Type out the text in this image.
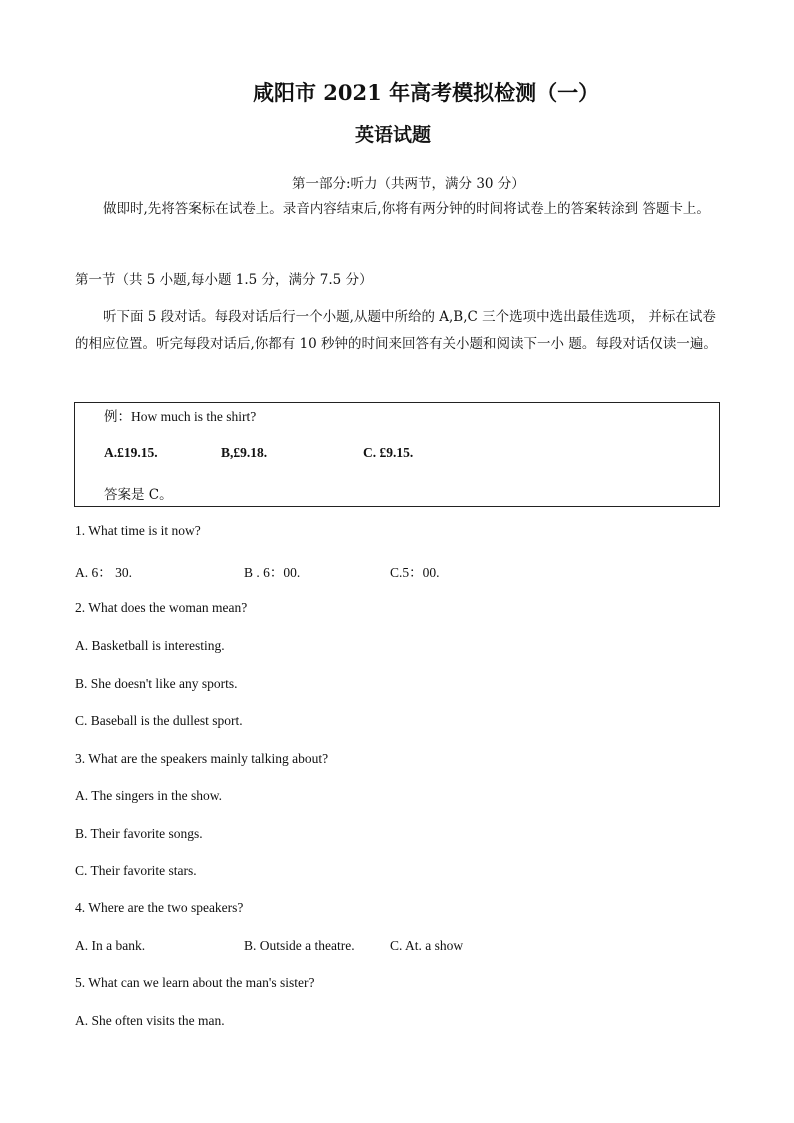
咸阳市 2021 年高考模拟检测（一）
英语试题
第一部分:听力（共两节，满分 30 分）
做即时,先将答案标在试卷上。录音内容结束后,你将有两分钟的时间将试卷上的答案转涂到 答题卡上。
第一节（共 5 小题,每小题 1.5 分，满分 7.5 分）
听下面 5 段对话。每段对话后行一个小题,从题中所给的 A,B,C 三个选项中选出最佳选项， 并标在试卷的相应位置。听完每段对话后,你都有 10 秒钟的时间来回答有关小题和阅读下一小 题。每段对话仅读一遍。
例：How much is the shirt?
A.£19.15.	B,£9.18.	C. £9.15.
答案是 C。
1. What time is it now?
A. 6： 30.	B . 6：00.	C.5：00.
2. What does the woman mean?
A. Basketball is interesting.
B. She doesn't like any sports.
C. Baseball is the dullest sport.
3. What are the speakers mainly talking about?
A. The singers in the show.
B. Their favorite songs.
C. Their favorite stars.
4. Where are the two speakers?
A. In a bank.	B. Outside a theatre.	C. At. a show
5. What can we learn about the man's sister?
A. She often visits the man.
